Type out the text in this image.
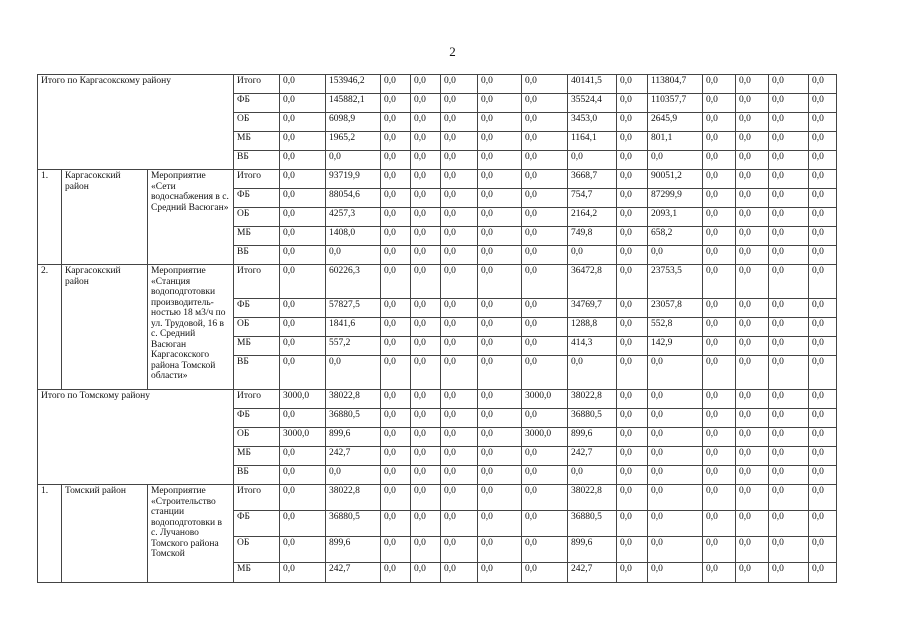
2
Итого по Каргасокскому району			Итого	0,0	153946,2	0,0	0,0	0,0	0,0	0,0	40141,5	0,0	113804,7	0,0	0,0	0,0	0,0
			ФБ	0,0	145882,1	0,0	0,0	0,0	0,0	0,0	35524,4	0,0	110357,7	0,0	0,0	0,0	0,0
			ОБ	0,0	6098,9	0,0	0,0	0,0	0,0	0,0	3453,0	0,0	2645,9	0,0	0,0	0,0	0,0
			МБ	0,0	1965,2	0,0	0,0	0,0	0,0	0,0	1164,1	0,0	801,1	0,0	0,0	0,0	0,0
			ВБ	0,0	0,0	0,0	0,0	0,0	0,0	0,0	0,0	0,0	0,0	0,0	0,0	0,0	0,0
1.	Каргасокский район	Мероприятие «Сети водоснабжения в с. Средний Васюган»	Итого	0,0	93719,9	0,0	0,0	0,0	0,0	0,0	3668,7	0,0	90051,2	0,0	0,0	0,0	0,0
			ФБ	0,0	88054,6	0,0	0,0	0,0	0,0	0,0	754,7	0,0	87299,9	0,0	0,0	0,0	0,0
			ОБ	0,0	4257,3	0,0	0,0	0,0	0,0	0,0	2164,2	0,0	2093,1	0,0	0,0	0,0	0,0
			МБ	0,0	1408,0	0,0	0,0	0,0	0,0	0,0	749,8	0,0	658,2	0,0	0,0	0,0	0,0
			ВБ	0,0	0,0	0,0	0,0	0,0	0,0	0,0	0,0	0,0	0,0	0,0	0,0	0,0	0,0
2.	Каргасокский район	Мероприятие «Станция водоподготовки производитель-ностью 18 м3/ч по ул. Трудовой, 16 в с. Средний Васюган Каргасокского района Томской области»	Итого	0,0	60226,3	0,0	0,0	0,0	0,0	0,0	36472,8	0,0	23753,5	0,0	0,0	0,0	0,0
			ФБ	0,0	57827,5	0,0	0,0	0,0	0,0	0,0	34769,7	0,0	23057,8	0,0	0,0	0,0	0,0
			ОБ	0,0	1841,6	0,0	0,0	0,0	0,0	0,0	1288,8	0,0	552,8	0,0	0,0	0,0	0,0
			МБ	0,0	557,2	0,0	0,0	0,0	0,0	0,0	414,3	0,0	142,9	0,0	0,0	0,0	0,0
			ВБ	0,0	0,0	0,0	0,0	0,0	0,0	0,0	0,0	0,0	0,0	0,0	0,0	0,0	0,0
Итого по Томскому району			Итого	3000,0	38022,8	0,0	0,0	0,0	0,0	3000,0	38022,8	0,0	0,0	0,0	0,0	0,0	0,0
			ФБ	0,0	36880,5	0,0	0,0	0,0	0,0	0,0	36880,5	0,0	0,0	0,0	0,0	0,0	0,0
			ОБ	3000,0	899,6	0,0	0,0	0,0	0,0	3000,0	899,6	0,0	0,0	0,0	0,0	0,0	0,0
			МБ	0,0	242,7	0,0	0,0	0,0	0,0	0,0	242,7	0,0	0,0	0,0	0,0	0,0	0,0
			ВБ	0,0	0,0	0,0	0,0	0,0	0,0	0,0	0,0	0,0	0,0	0,0	0,0	0,0	0,0
1.	Томский район	Мероприятие «Строительство станции водоподготовки в с. Лучаново Томского района Томской	Итого	0,0	38022,8	0,0	0,0	0,0	0,0	0,0	38022,8	0,0	0,0	0,0	0,0	0,0	0,0
			ФБ	0,0	36880,5	0,0	0,0	0,0	0,0	0,0	36880,5	0,0	0,0	0,0	0,0	0,0	0,0
			ОБ	0,0	899,6	0,0	0,0	0,0	0,0	0,0	899,6	0,0	0,0	0,0	0,0	0,0	0,0
			МБ	0,0	242,7	0,0	0,0	0,0	0,0	0,0	242,7	0,0	0,0	0,0	0,0	0,0	0,0
